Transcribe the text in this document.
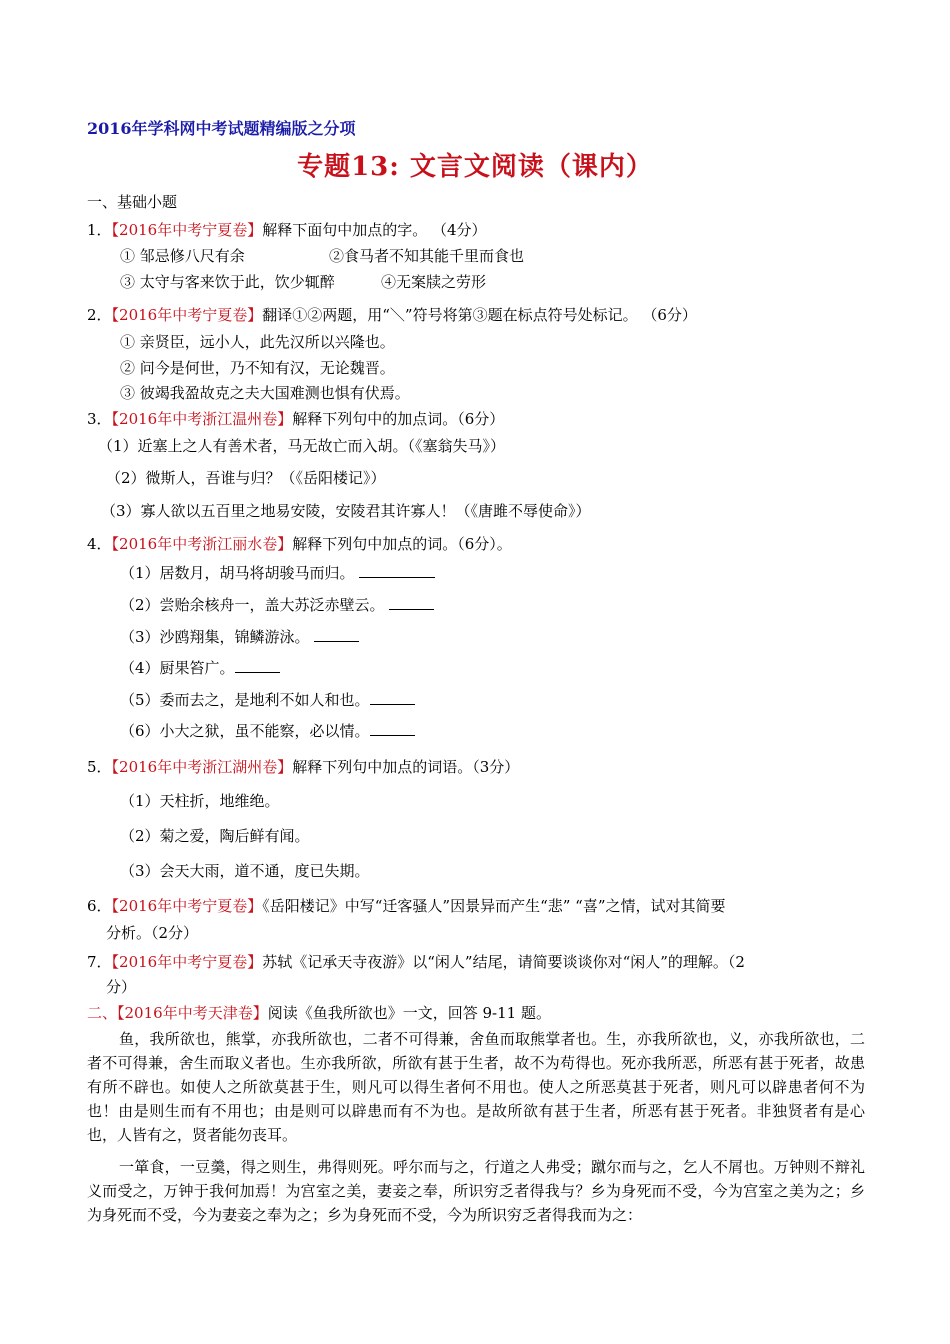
2016年学科网中考试题精编版之分项
专题13: 文言文阅读（课内）
一、基础小题
1．【2016年中考宁夏卷】解释下面句中加点的字。 （4分）
① 邹忌修八尺有余	②食马者不知其能千里而食也
③ 太守与客来饮于此，饮少辄醉	④无案牍之劳形
2．【2016年中考宁夏卷】翻译①②两题，用“＼”符号将第③题在标点符号处标记。 （6分）
① 亲贤臣，远小人，此先汉所以兴隆也。
② 问今是何世，乃不知有汉，无论魏晋。
③ 彼竭我盈故克之夫大国难测也惧有伏焉。
3．【2016年中考浙江温州卷】解释下列句中的加点词。（6分）
（1）近塞上之人有善术者，马无故亡而入胡。（《塞翁失马》）
（2）微斯人，吾谁与归？（《岳阳楼记》）
（3）寡人欲以五百里之地易安陵，安陵君其许寡人！（《唐雎不辱使命》）
4．【2016年中考浙江丽水卷】解释下列句中加点的词。（6分）。
（1）居数月，胡马将胡骏马而归。
（2）尝贻余核舟一，盖大苏泛赤壁云。
（3）沙鸥翔集，锦鳞游泳。
（4）厨果笞广。
（5）委而去之，是地利不如人和也。
（6）小大之狱，虽不能察，必以情。
5．【2016年中考浙江湖州卷】解释下列句中加点的词语。（3分）
（1）天柱折，地维绝。
（2）菊之爱，陶后鲜有闻。
（3）会天大雨，道不通，度已失期。
6．【2016年中考宁夏卷】《岳阳楼记》中写“迁客骚人”因景异而产生“悲” “喜”之情，试对其简要
分析。（2分）
7．【2016年中考宁夏卷】苏轼《记承天寺夜游》以“闲人”结尾，请简要谈谈你对“闲人”的理解。（2
分）
二、【2016年中考天津卷】阅读《鱼我所欲也》一文，回答 9-11 题。
鱼，我所欲也，熊掌，亦我所欲也，二者不可得兼，舍鱼而取熊掌者也。生，亦我所欲也，义，亦我所欲也，二者不可得兼，舍生而取义者也。生亦我所欲，所欲有甚于生者，故不为苟得也。死亦我所恶，所恶有甚于死者，故患有所不辟也。如使人之所欲莫甚于生，则凡可以得生者何不用也。使人之所恶莫甚于死者，则凡可以辟患者何不为也！由是则生而有不用也；由是则可以辟患而有不为也。是故所欲有甚于生者，所恶有甚于死者。非独贤者有是心也，人皆有之，贤者能勿丧耳。
一箪食，一豆羹，得之则生，弗得则死。呼尔而与之，行道之人弗受；蹴尔而与之，乞人不屑也。万钟则不辩礼义而受之，万钟于我何加焉！为宫室之美，妻妾之奉，所识穷乏者得我与？乡为身死而不受，今为宫室之美为之；乡为身死而不受，今为妻妾之奉为之；乡为身死而不受，今为所识穷乏者得我而为之：
